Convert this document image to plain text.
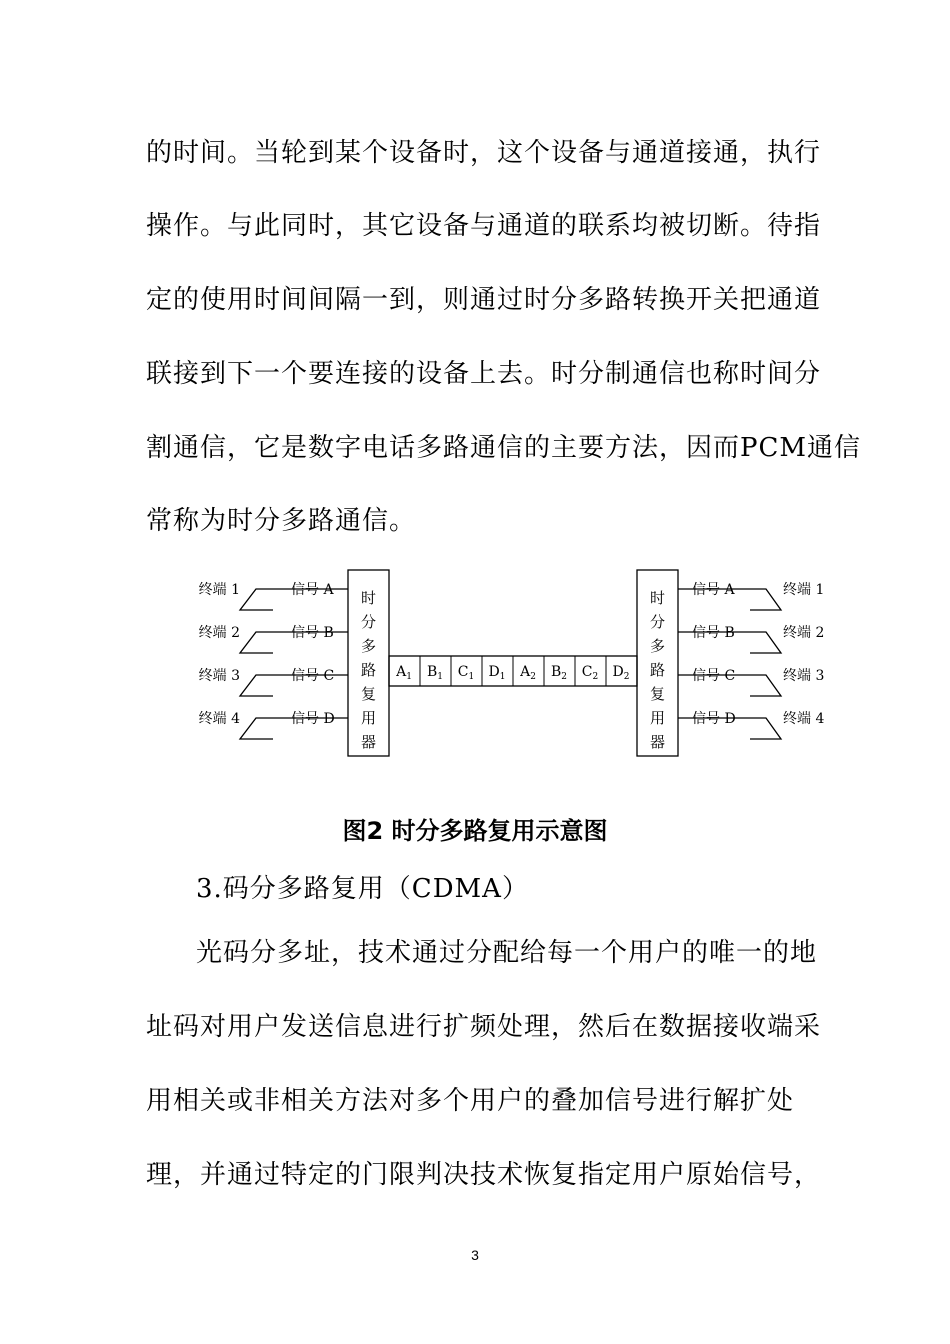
的时间。当轮到某个设备时，这个设备与通道接通，执行
操作。与此同时，其它设备与通道的联系均被切断。待指
定的使用时间间隔一到，则通过时分多路转换开关把通道
联接到下一个要连接的设备上去。时分制通信也称时间分
割通信，它是数字电话多路通信的主要方法，因而PCM通信
常称为时分多路通信。
终端 1
终端 2
终端 3
终端 4
信号 A
信号 B
信号 C
信号 D
信号 A
信号 B
信号 C
信号 D
终端 1
终端 2
终端 3
终端 4
时
分
多
路
复
用
器
时
分
多
路
复
用
器
$A_1$ $B_1$ $C_1$ $D_1$ $A_2$ $B_2$ $C_2$ $D_2$
图2 时分多路复用示意图
3.码分多路复用（CDMA）
光码分多址，技术通过分配给每一个用户的唯一的地
址码对用户发送信息进行扩频处理，然后在数据接收端采
用相关或非相关方法对多个用户的叠加信号进行解扩处
理，并通过特定的门限判决技术恢复指定用户原始信号，
3
